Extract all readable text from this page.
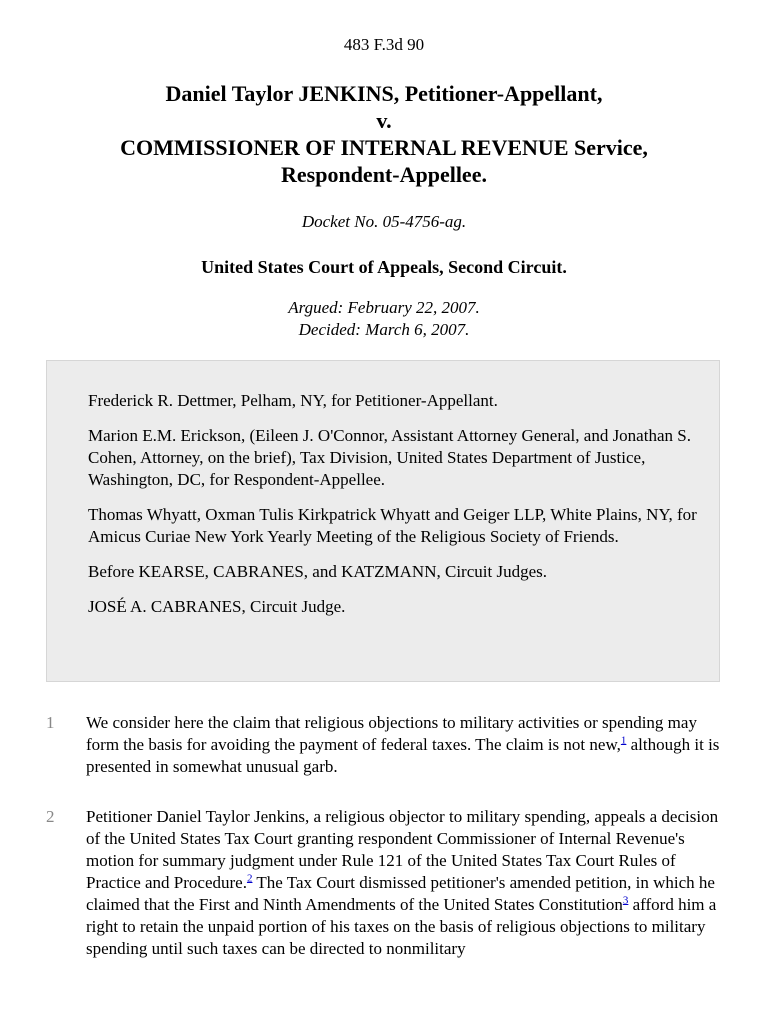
483 F.3d 90
Daniel Taylor JENKINS, Petitioner-Appellant,
v.
COMMISSIONER OF INTERNAL REVENUE Service,
Respondent-Appellee.
Docket No. 05-4756-ag.
United States Court of Appeals, Second Circuit.
Argued: February 22, 2007.
Decided: March 6, 2007.

Frederick R. Dettmer, Pelham, NY, for Petitioner-Appellant.

Marion E.M. Erickson, (Eileen J. O'Connor, Assistant Attorney General, and Jonathan S. Cohen, Attorney, on the brief), Tax Division, United States Department of Justice, Washington, DC, for Respondent-Appellee.

Thomas Whyatt, Oxman Tulis Kirkpatrick Whyatt and Geiger LLP, White Plains, NY, for Amicus Curiae New York Yearly Meeting of the Religious Society of Friends.

Before KEARSE, CABRANES, and KATZMANN, Circuit Judges.

JOSÉ A. CABRANES, Circuit Judge.

1 We consider here the claim that religious objections to military activities or spending may form the basis for avoiding the payment of federal taxes. The claim is not new,$^1$ although it is presented in somewhat unusual garb.
2 Petitioner Daniel Taylor Jenkins, a religious objector to military spending, appeals a decision of the United States Tax Court granting respondent Commissioner of Internal Revenue's motion for summary judgment under Rule 121 of the United States Tax Court Rules of Practice and Procedure.$^2$ The Tax Court dismissed petitioner's amended petition, in which he claimed that the First and Ninth Amendments of the United States Constitution$^3$ afford him a right to retain the unpaid portion of his taxes on the basis of religious objections to military spending until such taxes can be directed to nonmilitary
